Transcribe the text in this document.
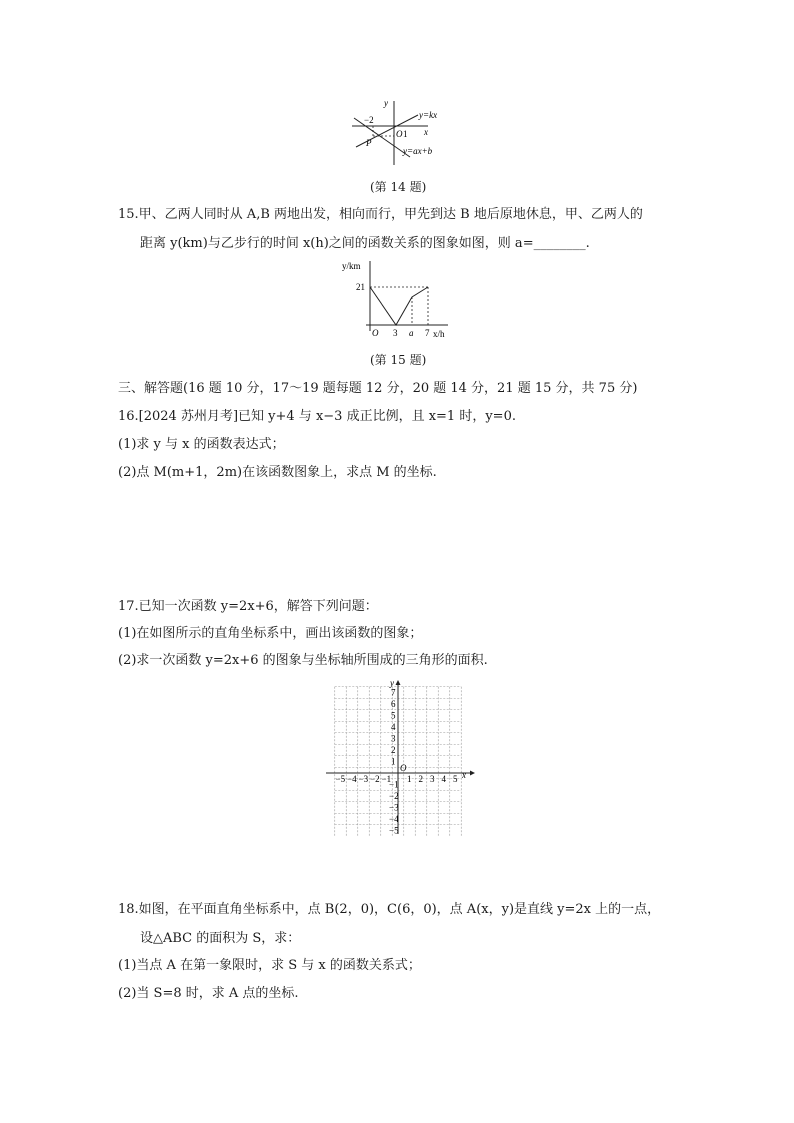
y
x
−2
O 1
P
y=kx
y=ax+b
(第 14 题)
15.甲、乙两人同时从 A,B 两地出发，相向而行，甲先到达 B 地后原地休息，甲、乙两人的
距离 y(km)与乙步行的时间 x(h)之间的函数关系的图象如图，则 a=________.
y/km
x/h
21
O 3 a 7
(第 15 题)
三、解答题(16 题 10 分，17～19 题每题 12 分，20 题 14 分，21 题 15 分，共 75 分)
16.[2024 苏州月考]已知 y+4 与 x−3 成正比例，且 x=1 时，y=0.
(1)求 y 与 x 的函数表达式；
(2)点 M(m+1，2m)在该函数图象上，求点 M 的坐标.
17.已知一次函数 y=2x+6，解答下列问题：
(1)在如图所示的直角坐标系中，画出该函数的图象；
(2)求一次函数 y=2x+6 的图象与坐标轴所围成的三角形的面积.
x
y
O
−5 −4 −3 −2 −1 1 2 3 4 5
7
6
5
4
3
2
1
−1
−2
−3
−4
−5
18.如图，在平面直角坐标系中，点 B(2，0)，C(6，0)，点 A(x，y)是直线 y=2x 上的一点，
设△ABC 的面积为 S，求：
(1)当点 A 在第一象限时，求 S 与 x 的函数关系式；
(2)当 S=8 时，求 A 点的坐标.
